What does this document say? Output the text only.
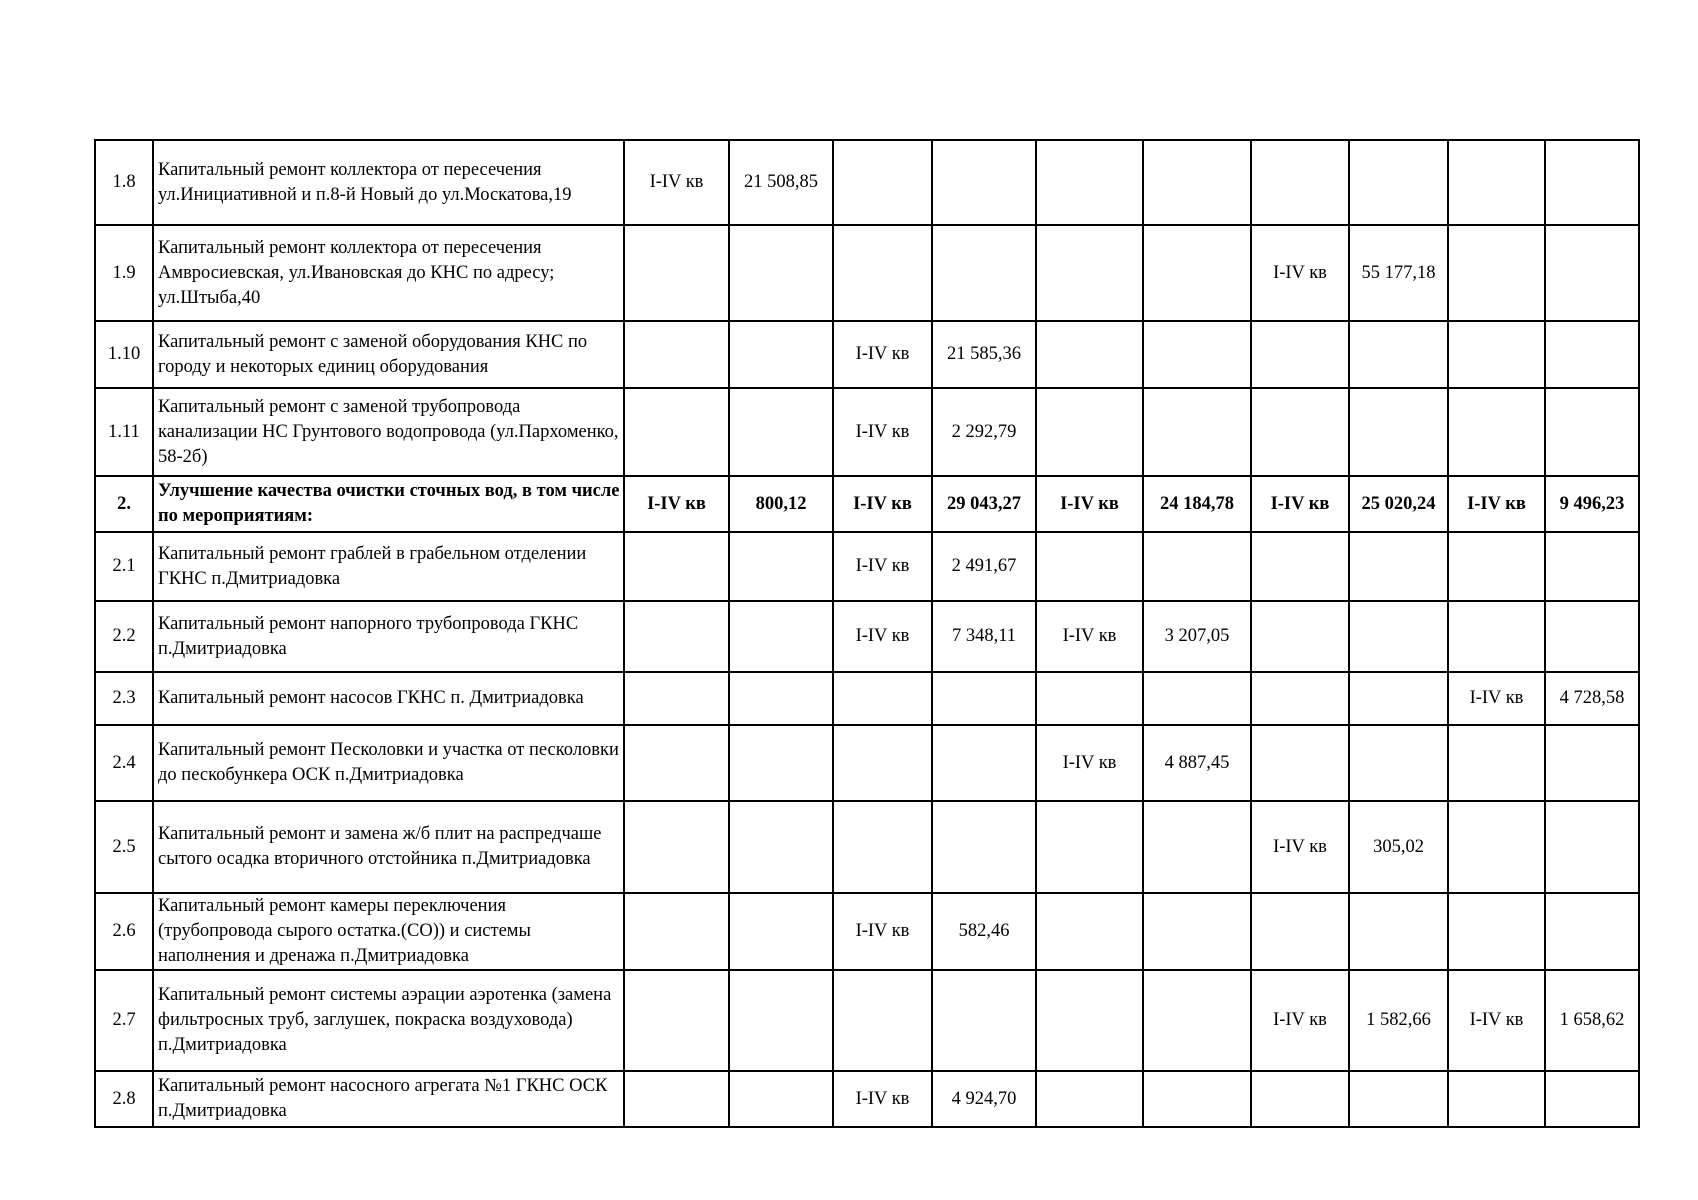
1.8	Капитальный ремонт коллектора от пересечения ул.Инициативной и п.8-й Новый до ул.Москатова,19	I-IV кв	21 508,85								
1.9	Капитальный ремонт коллектора от пересечения Амвросиевская, ул.Ивановская до КНС по адресу; ул.Штыба,40							I-IV кв	55 177,18		
1.10	Капитальный ремонт с заменой оборудования КНС по городу и некоторых единиц оборудования			I-IV кв	21 585,36						
1.11	Капитальный ремонт с заменой трубопровода канализации НС Грунтового водопровода (ул.Пархоменко, 58-2б)			I-IV кв	2 292,79						
2.	Улучшение качества очистки сточных вод, в том числе по мероприятиям:	I-IV кв	800,12	I-IV кв	29 043,27	I-IV кв	24 184,78	I-IV кв	25 020,24	I-IV кв	9 496,23
2.1	Капитальный ремонт граблей в грабельном отделении ГКНС п.Дмитриадовка			I-IV кв	2 491,67						
2.2	Капитальный ремонт напорного трубопровода ГКНС п.Дмитриадовка			I-IV кв	7 348,11	I-IV кв	3 207,05				
2.3	Капитальный ремонт насосов ГКНС п. Дмитриадовка									I-IV кв	4 728,58
2.4	Капитальный ремонт Песколовки и участка от песколовки до пескобункера ОСК п.Дмитриадовка					I-IV кв	4 887,45				
2.5	Капитальный ремонт и замена ж/б плит на распредчаше сытого осадка вторичного отстойника п.Дмитриадовка							I-IV кв	305,02		
2.6	Капитальный ремонт камеры переключения (трубопровода сырого остатка.(СО)) и системы наполнения и дренажа п.Дмитриадовка			I-IV кв	582,46						
2.7	Капитальный ремонт системы аэрации аэротенка (замена фильтросных труб, заглушек, покраска воздуховода) п.Дмитриадовка							I-IV кв	1 582,66	I-IV кв	1 658,62
2.8	Капитальный ремонт насосного агрегата №1 ГКНС ОСК п.Дмитриадовка			I-IV кв	4 924,70						
